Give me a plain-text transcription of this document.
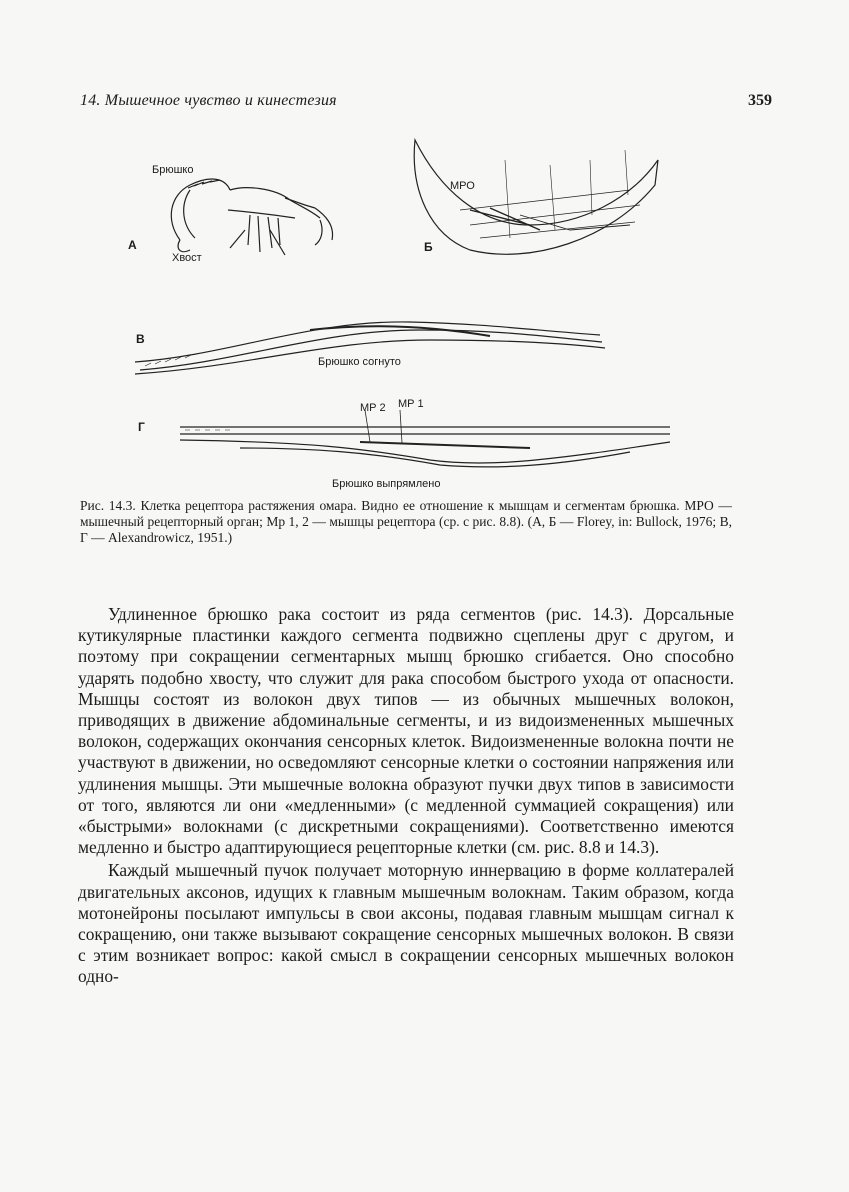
14. Мышечное чувство и кинестезия	359
Брюшко
Хвост
А	Б
МРО
В
Брюшко согнуто
Г
МР 2 МР 1
Брюшко выпрямлено
Рис. 14.3. Клетка рецептора растяжения омара. Видно ее отношение к мышцам и сегментам брюшка. МРО — мышечный рецепторный орган; Мр 1, 2 — мышцы рецептора (ср. с рис. 8.8). (А, Б — Florey, in: Bullock, 1976; В, Г — Alexandrowicz, 1951.)

Удлиненное брюшко рака состоит из ряда сегментов (рис. 14.3). Дорсальные кутикулярные пластинки каждого сегмента подвижно сцеплены друг с другом, и поэтому при сокращении сегментарных мышц брюшко сгибается. Оно способно ударять подобно хвосту, что служит для рака способом быстрого ухода от опасности. Мышцы состоят из волокон двух типов — из обычных мышечных волокон, приводящих в движение абдоминальные сегменты, и из видоизмененных мышечных волокон, содержащих окончания сенсорных клеток. Видоизмененные волокна почти не участвуют в движении, но осведомляют сенсорные клетки о состоянии напряжения или удлинения мышцы. Эти мышечные волокна образуют пучки двух типов в зависимости от того, являются ли они «медленными» (с медленной суммацией сокращения) или «быстрыми» волокнами (с дискретными сокращениями). Соответственно имеются медленно и быстро адаптирующиеся рецепторные клетки (см. рис. 8.8 и 14.3).

Каждый мышечный пучок получает моторную иннервацию в форме коллатералей двигательных аксонов, идущих к главным мышечным волокнам. Таким образом, когда мотонейроны посылают импульсы в свои аксоны, подавая главным мышцам сигнал к сокращению, они также вызывают сокращение сенсорных мышечных волокон. В связи с этим возникает вопрос: какой смысл в сокращении сенсорных мышечных волокон одно-
